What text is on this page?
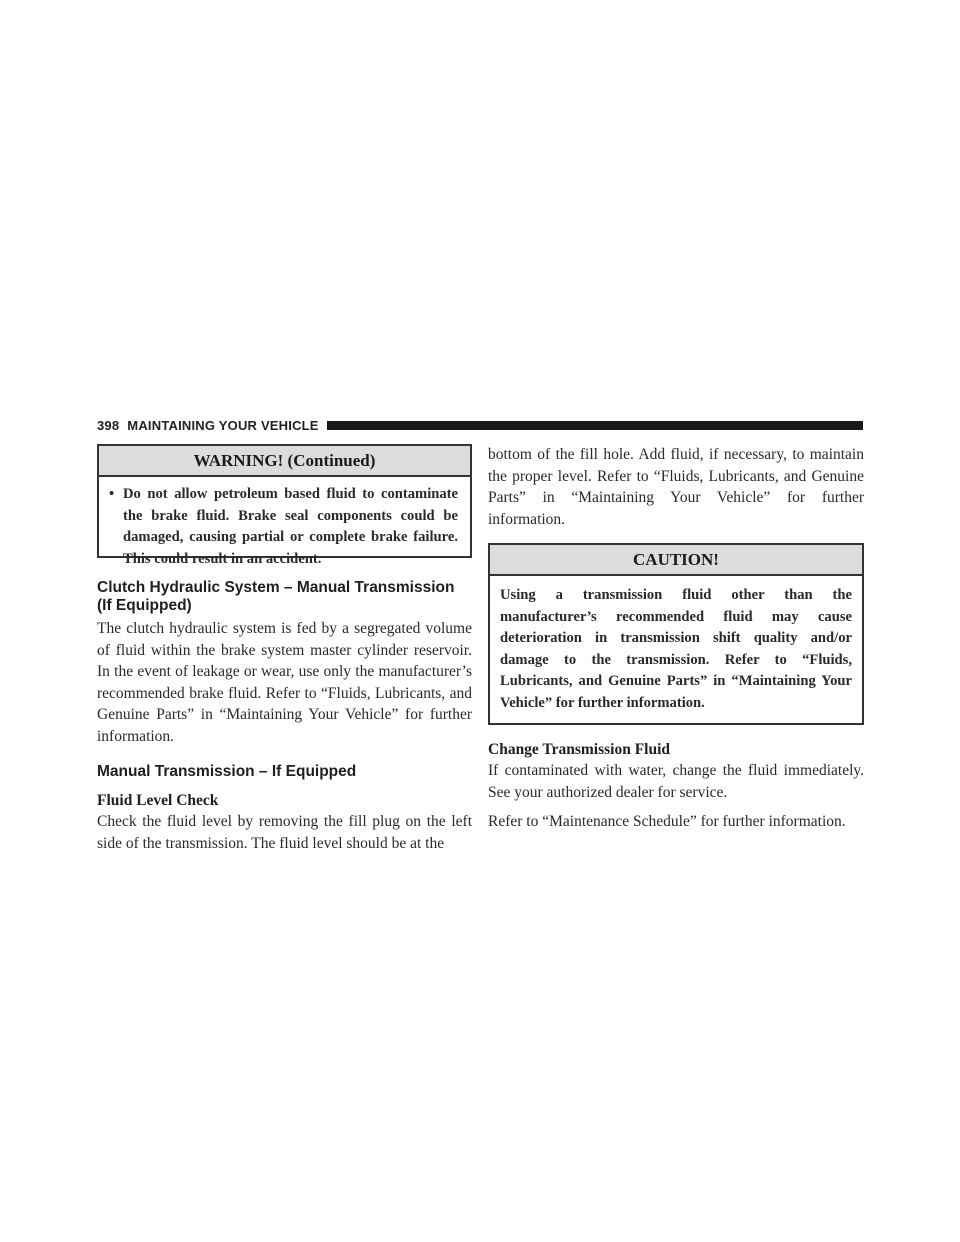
398 MAINTAINING YOUR VEHICLE
WARNING! (Continued)
• Do not allow petroleum based fluid to contaminate the brake fluid. Brake seal components could be damaged, causing partial or complete brake failure. This could result in an accident.
Clutch Hydraulic System – Manual Transmission (If Equipped)

The clutch hydraulic system is fed by a segregated volume of fluid within the brake system master cylinder reservoir. In the event of leakage or wear, use only the manufacturer’s recommended brake fluid. Refer to “Fluids, Lubricants, and Genuine Parts” in “Maintaining Your Vehicle” for further information.

Manual Transmission – If Equipped
Fluid Level Check

Check the fluid level by removing the fill plug on the left side of the transmission. The fluid level should be at the

bottom of the fill hole. Add fluid, if necessary, to maintain the proper level. Refer to “Fluids, Lubricants, and Genuine Parts” in “Maintaining Your Vehicle” for further information.

CAUTION!
Using a transmission fluid other than the manufacturer’s recommended fluid may cause deterioration in transmission shift quality and/or damage to the transmission. Refer to “Fluids, Lubricants, and Genuine Parts” in “Maintaining Your Vehicle” for further information.
Change Transmission Fluid

If contaminated with water, change the fluid immediately. See your authorized dealer for service.

Refer to “Maintenance Schedule” for further information.
